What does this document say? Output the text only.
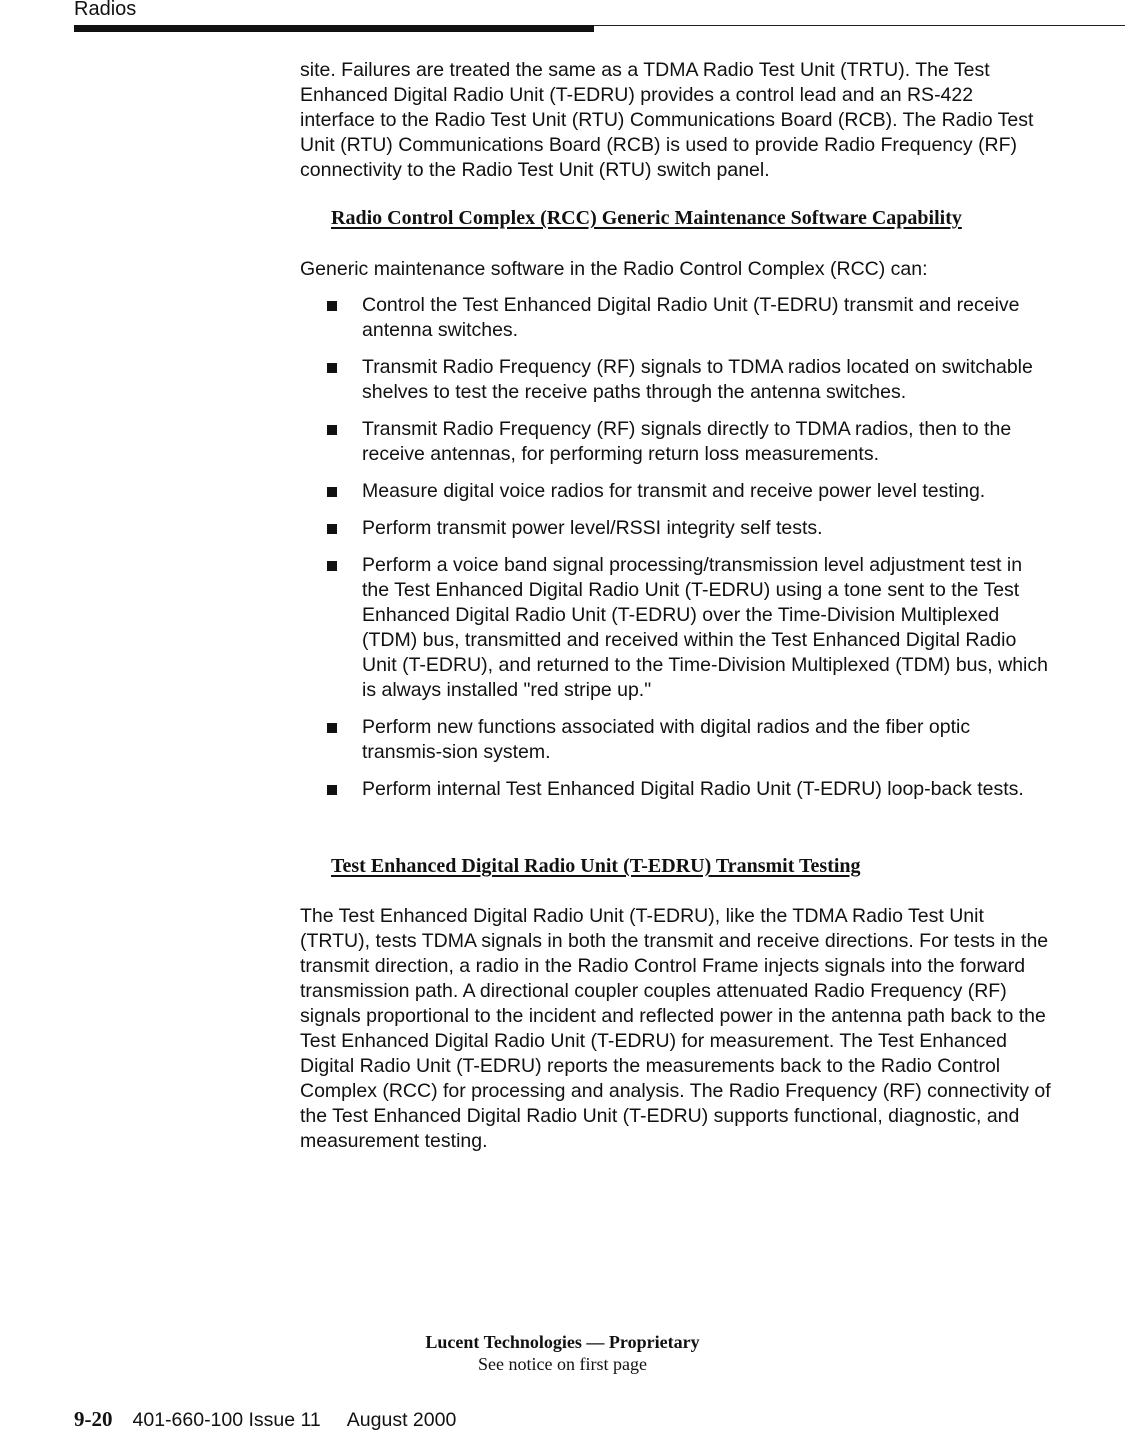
Radios

site. Failures are treated the same as a TDMA Radio Test Unit (TRTU). The Test Enhanced Digital Radio Unit (T-EDRU) provides a control lead and an RS-422 interface to the Radio Test Unit (RTU) Communications Board (RCB). The Radio Test Unit (RTU) Communications Board (RCB) is used to provide Radio Frequency (RF) connectivity to the Radio Test Unit (RTU) switch panel.

Radio Control Complex (RCC) Generic Maintenance Software Capability

Generic maintenance software in the Radio Control Complex (RCC) can:

Control the Test Enhanced Digital Radio Unit (T-EDRU) transmit and receive antenna switches.
Transmit Radio Frequency (RF) signals to TDMA radios located on switchable shelves to test the receive paths through the antenna switches.
Transmit Radio Frequency (RF) signals directly to TDMA radios, then to the receive antennas, for performing return loss measurements.
Measure digital voice radios for transmit and receive power level testing.
Perform transmit power level/RSSI integrity self tests.
Perform a voice band signal processing/transmission level adjustment test in the Test Enhanced Digital Radio Unit (T-EDRU) using a tone sent to the Test Enhanced Digital Radio Unit (T-EDRU) over the Time-Division Multiplexed (TDM) bus, transmitted and received within the Test Enhanced Digital Radio Unit (T-EDRU), and returned to the Time-Division Multiplexed (TDM) bus, which is always installed "red stripe up."
Perform new functions associated with digital radios and the fiber optic transmis-sion system.
Perform internal Test Enhanced Digital Radio Unit (T-EDRU) loop-back tests.
Test Enhanced Digital Radio Unit (T-EDRU) Transmit Testing

The Test Enhanced Digital Radio Unit (T-EDRU), like the TDMA Radio Test Unit (TRTU), tests TDMA signals in both the transmit and receive directions. For tests in the transmit direction, a radio in the Radio Control Frame injects signals into the forward transmission path. A directional coupler couples attenuated Radio Frequency (RF) signals proportional to the incident and reflected power in the antenna path back to the Test Enhanced Digital Radio Unit (T-EDRU) for measurement. The Test Enhanced Digital Radio Unit (T-EDRU) reports the measurements back to the Radio Control Complex (RCC) for processing and analysis. The Radio Frequency (RF) connectivity of the Test Enhanced Digital Radio Unit (T-EDRU) supports functional, diagnostic, and measurement testing.

Lucent Technologies — Proprietary
See notice on first page
9-20 401-660-100 Issue 11 August 2000
